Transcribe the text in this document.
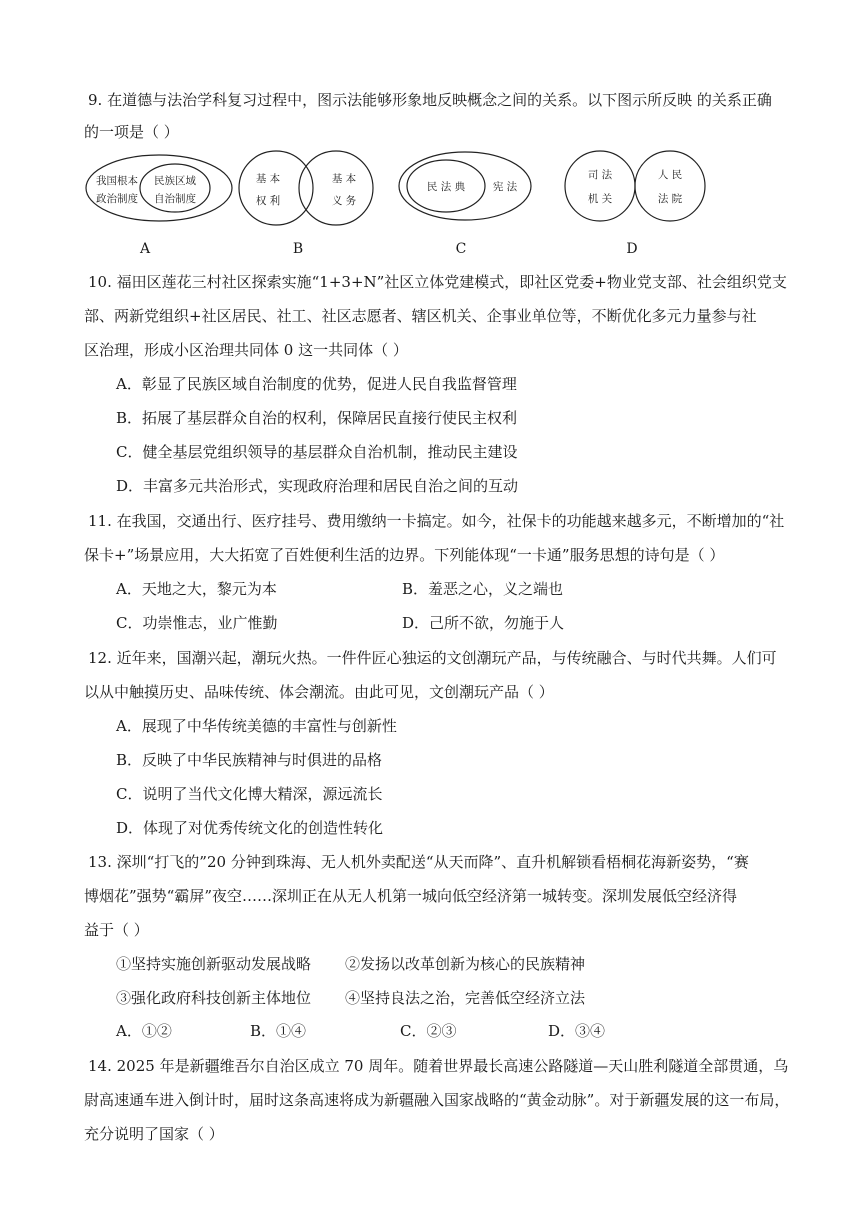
9. 在道德与法治学科复习过程中，图示法能够形象地反映概念之间的关系。以下图示所反映 的关系正确
的一项是（ ）
我国根本
政治制度
民族区域
自治制度
基 本
权 利
基 本
义 务
民 法 典	宪 法
司 法
机 关
人 民
法 院
A	B	C	D
10. 福田区莲花三村社区探索实施“1+3+N”社区立体党建模式，即社区党委+物业党支部、社会组织党支
部、两新党组织+社区居民、社工、社区志愿者、辖区机关、企事业单位等，不断优化多元力量参与社
区治理，形成小区治理共同体 0 这一共同体（ ）
A．彰显了民族区域自治制度的优势，促进人民自我监督管理
B．拓展了基层群众自治的权利，保障居民直接行使民主权利
C．健全基层党组织领导的基层群众自治机制，推动民主建设
D．丰富多元共治形式，实现政府治理和居民自治之间的互动
11. 在我国，交通出行、医疗挂号、费用缴纳一卡搞定。如今，社保卡的功能越来越多元，不断增加的“社
保卡+”场景应用，大大拓宽了百姓便利生活的边界。下列能体现“一卡通”服务思想的诗句是（ ）
A．天地之大，黎元为本	B．羞恶之心，义之端也
C．功崇惟志，业广惟勤	D．己所不欲，勿施于人
12. 近年来，国潮兴起，潮玩火热。一件件匠心独运的文创潮玩产品，与传统融合、与时代共舞。人们可
以从中触摸历史、品味传统、体会潮流。由此可见，文创潮玩产品（ ）
A．展现了中华传统美德的丰富性与创新性
B．反映了中华民族精神与时俱进的品格
C．说明了当代文化博大精深，源远流长
D．体现了对优秀传统文化的创造性转化
13. 深圳“打飞的”20 分钟到珠海、无人机外卖配送“从天而降”、直升机解锁看梧桐花海新姿势，“赛
博烟花”强势“霸屏”夜空……深圳正在从无人机第一城向低空经济第一城转变。深圳发展低空经济得
益于（ ）
①坚持实施创新驱动发展战略 ②发扬以改革创新为核心的民族精神
③强化政府科技创新主体地位 ④坚持良法之治，完善低空经济立法
A．①②	B．①④	C．②③	D．③④
14. 2025 年是新疆维吾尔自治区成立 70 周年。随着世界最长高速公路隧道—天山胜利隧道全部贯通，乌
尉高速通车进入倒计时，届时这条高速将成为新疆融入国家战略的“黄金动脉”。对于新疆发展的这一布局，
充分说明了国家（ ）
